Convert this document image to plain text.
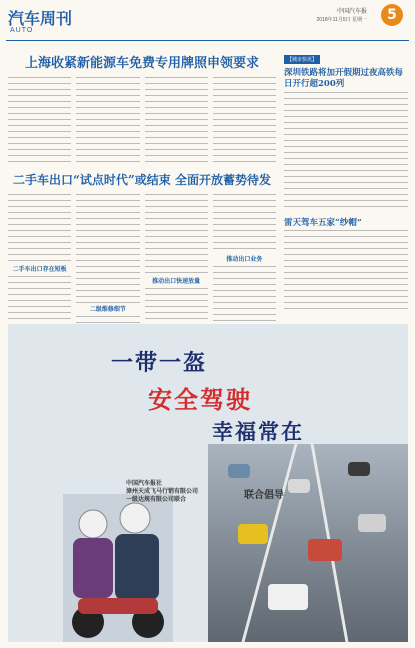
汽车周刊
AUTO
中国汽车报
2018年11月5日 星期一	5
上海收紧新能源车免费专用牌照申领要求
二手车出口“试点时代”或结束 全面开放蓄势待发
二手车出口存在短板
二级维修细节
推动出口快速放量
推动出口业务
【城市快讯】
深圳铁路将加开假期过夜高铁每日开行超200列
雷天驾车五家“纱帽”
一带一盔
安全驾驶
幸福常在
中国汽车报社
漳州天成飞马行销有限公司
一级达规有限公司联合	联合倡导
